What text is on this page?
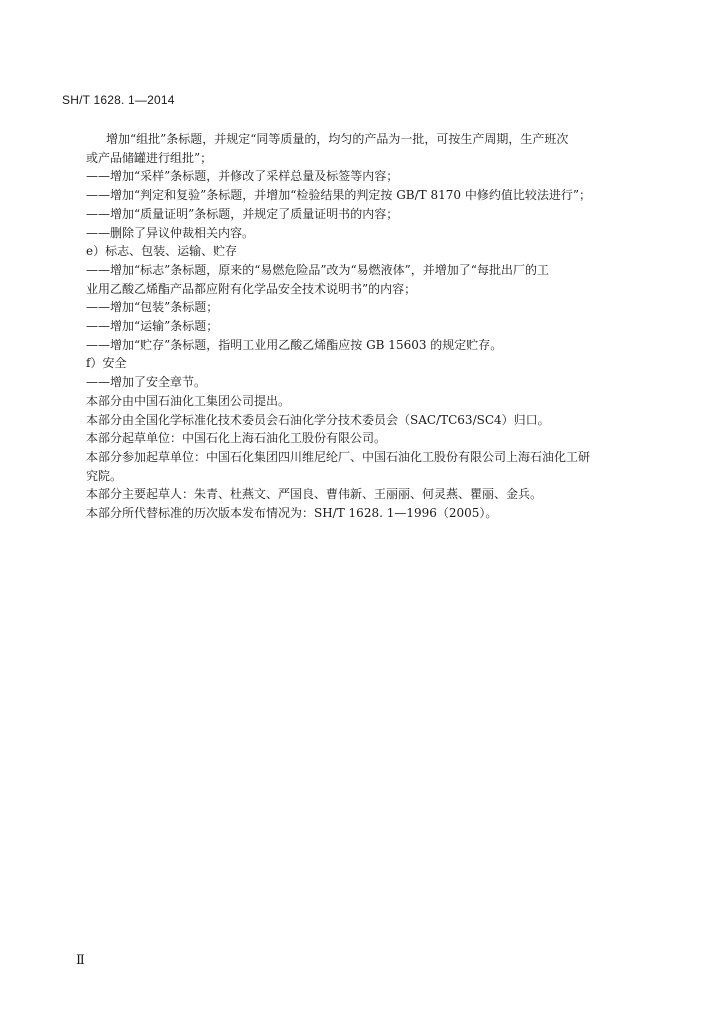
SH/T 1628. 1—2014
增加“组批”条标题，并规定“同等质量的，均匀的产品为一批，可按生产周期，生产班次
或产品储罐进行组批”；
——增加“采样”条标题，并修改了采样总量及标签等内容；
——增加“判定和复验”条标题，并增加“检验结果的判定按 GB/T 8170 中修约值比较法进行”；
——增加“质量证明”条标题，并规定了质量证明书的内容；
——删除了异议仲裁相关内容。
e）标志、包装、运输、贮存
——增加“标志”条标题，原来的“易燃危险品”改为“易燃液体”，并增加了“每批出厂的工
业用乙酸乙烯酯产品都应附有化学品安全技术说明书”的内容；
——增加“包装”条标题；
——增加“运输”条标题；
——增加“贮存”条标题，指明工业用乙酸乙烯酯应按 GB 15603 的规定贮存。
f）安全
——增加了安全章节。
本部分由中国石油化工集团公司提出。
本部分由全国化学标准化技术委员会石油化学分技术委员会（SAC/TC63/SC4）归口。
本部分起草单位：中国石化上海石油化工股份有限公司。
本部分参加起草单位：中国石化集团四川维尼纶厂、中国石油化工股份有限公司上海石油化工研
究院。
本部分主要起草人：朱青、杜燕文、严国良、曹伟新、王丽丽、何灵燕、瞿丽、金兵。
本部分所代替标准的历次版本发布情况为：SH/T 1628. 1—1996（2005）。
Ⅱ
